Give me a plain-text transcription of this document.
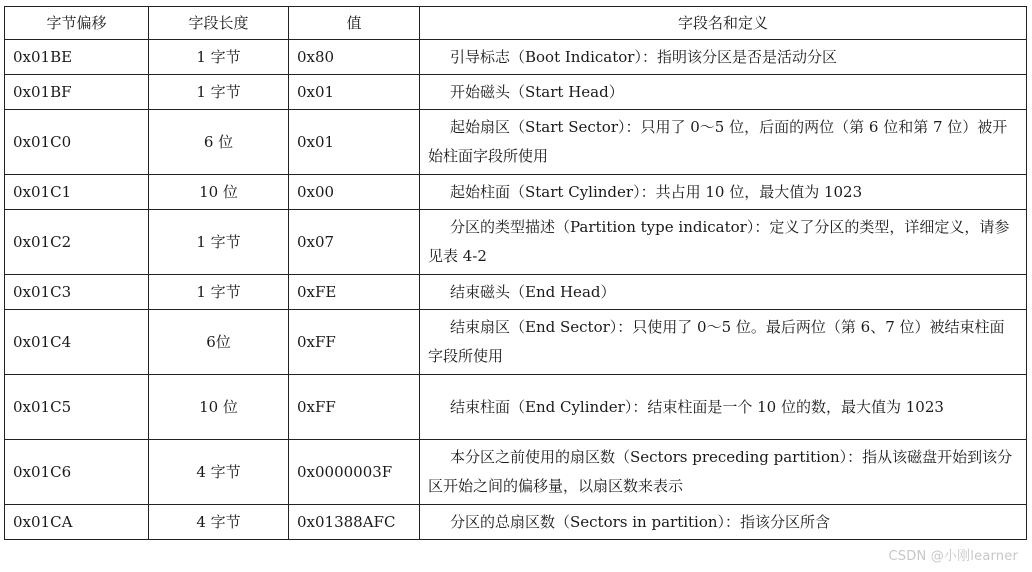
字节偏移	字段长度	值	字段名和定义
0x01BE	1 字节	0x80	引导标志（Boot Indicator）：指明该分区是否是活动分区

0x01BF	1 字节	0x01	开始磁头（Start Head）

0x01C0	6 位	0x01	起始扇区（Start Sector）：只用了 0～5 位，后面的两位（第 6 位和第 7 位）被开始柱面字段所使用

0x01C1	10 位	0x00	起始柱面（Start Cylinder）：共占用 10 位，最大值为 1023

0x01C2	1 字节	0x07	分区的类型描述（Partition type indicator）：定义了分区的类型，详细定义，请参见表 4-2

0x01C3	1 字节	0xFE	结束磁头（End Head）

0x01C4	6位	0xFF	结束扇区（End Sector）：只使用了 0～5 位。最后两位（第 6、7 位）被结束柱面字段所使用

0x01C5	10 位	0xFF	结束柱面（End Cylinder）：结束柱面是一个 10 位的数，最大值为 1023

0x01C6	4 字节	0x0000003F	本分区之前使用的扇区数（Sectors preceding partition）：指从该磁盘开始到该分区开始之间的偏移量，以扇区数来表示

0x01CA	4 字节	0x01388AFC	分区的总扇区数（Sectors in partition）：指该分区所含
CSDN @小刚learner
